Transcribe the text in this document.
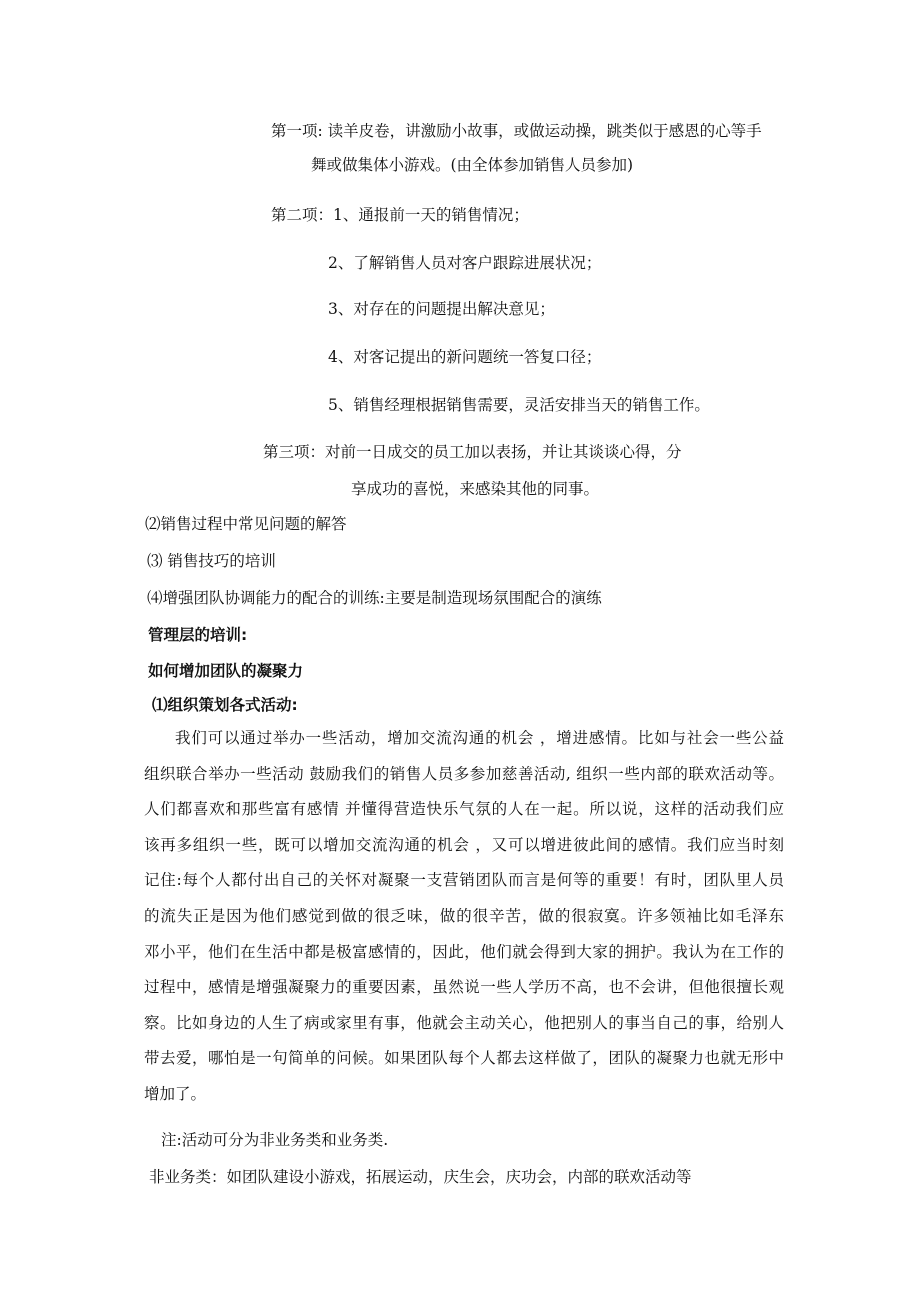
第一项: 读羊皮卷，讲激励小故事，或做运动操，跳类似于感恩的心等手
舞或做集体小游戏。(由全体参加销售人员参加)
第二项：1、通报前一天的销售情况；
2、了解销售人员对客户跟踪进展状况；
3、对存在的问题提出解决意见；
4、对客记提出的新问题统一答复口径；
5、销售经理根据销售需要，灵活安排当天的销售工作。
第三项：对前一日成交的员工加以表扬，并让其谈谈心得，分
享成功的喜悦，来感染其他的同事。
⑵销售过程中常见问题的解答
⑶ 销售技巧的培训
⑷增强团队协调能力的配合的训练:主要是制造现场氛围配合的演练
管理层的培训:
如何增加团队的凝聚力
⑴组织策划各式活动:
我们可以通过举办一些活动，增加交流沟通的机会 ，增进感情。比如与社会一些公益
组织联合举办一些活动 鼓励我们的销售人员多参加慈善活动, 组织一些内部的联欢活动等。
人们都喜欢和那些富有感情 并懂得营造快乐气氛的人在一起。所以说，这样的活动我们应
该再多组织一些，既可以增加交流沟通的机会 ，又可以增进彼此间的感情。我们应当时刻
记住:每个人都付出自己的关怀对凝聚一支营销团队而言是何等的重要！有时，团队里人员
的流失正是因为他们感觉到做的很乏味，做的很辛苦，做的很寂寞。许多领袖比如毛泽东
邓小平，他们在生活中都是极富感情的，因此，他们就会得到大家的拥护。我认为在工作的
过程中，感情是增强凝聚力的重要因素，虽然说一些人学历不高，也不会讲，但他很擅长观
察。比如身边的人生了病或家里有事，他就会主动关心，他把别人的事当自己的事，给别人
带去爱，哪怕是一句简单的问候。如果团队每个人都去这样做了，团队的凝聚力也就无形中
增加了。
注:活动可分为非业务类和业务类.
非业务类：如团队建设小游戏，拓展运动，庆生会，庆功会，内部的联欢活动等
